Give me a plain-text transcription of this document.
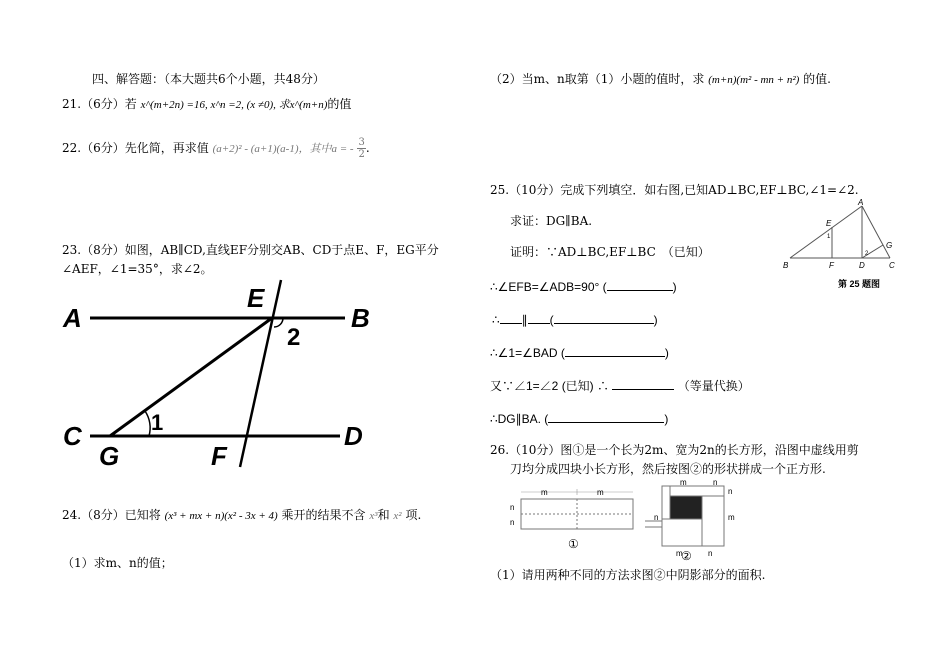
四、解答题：（本大题共6个小题，共48分）
21.（6分）若 x^(m+2n) =16, x^n =2, (x ≠0), 求x^(m+n)的值
22.（6分）先化简，再求值 (a+2)² - (a+1)(a-1)，其中a = - $\frac{3}{2}$ .
23.（8分）如图，AB∥CD,直线EF分别交AB、CD于点E、F，EG平分
∠AEF，∠1=35°，求∠2。
A	B
E
2
C	D
1
G	F
24.（8分）已知将 (x³ + mx + n)(x² - 3x + 4) 乘开的结果不含 x³和 x² 项.
（1）求m、n的值；
（2）当m、n取第（1）小题的值时，求 (m+n)(m² - mn + n²) 的值.
25.（10分）完成下列填空．如右图,已知AD⊥BC,EF⊥BC,∠1=∠2.
求证：DG∥BA.
证明：∵AD⊥BC,EF⊥BC　（已知）
∴∠EFB=∠ADB=90° (	)
∴ ∥ (	)
∴∠1=∠BAD (	)
又∵∠1=∠2 (已知) ∴	（等量代换）
∴DG∥BA. (	)
A
B	C
D
E
F
G
1
2
第 25 题图
26.（10分）图①是一个长为2m、宽为2n的长方形，沿图中虚线用剪
刀均分成四块小长方形，然后按图②的形状拼成一个正方形.
m	m
n
n
①
m	n
n
m
n
m	n
②
（1）请用两种不同的方法求图②中阴影部分的面积.
